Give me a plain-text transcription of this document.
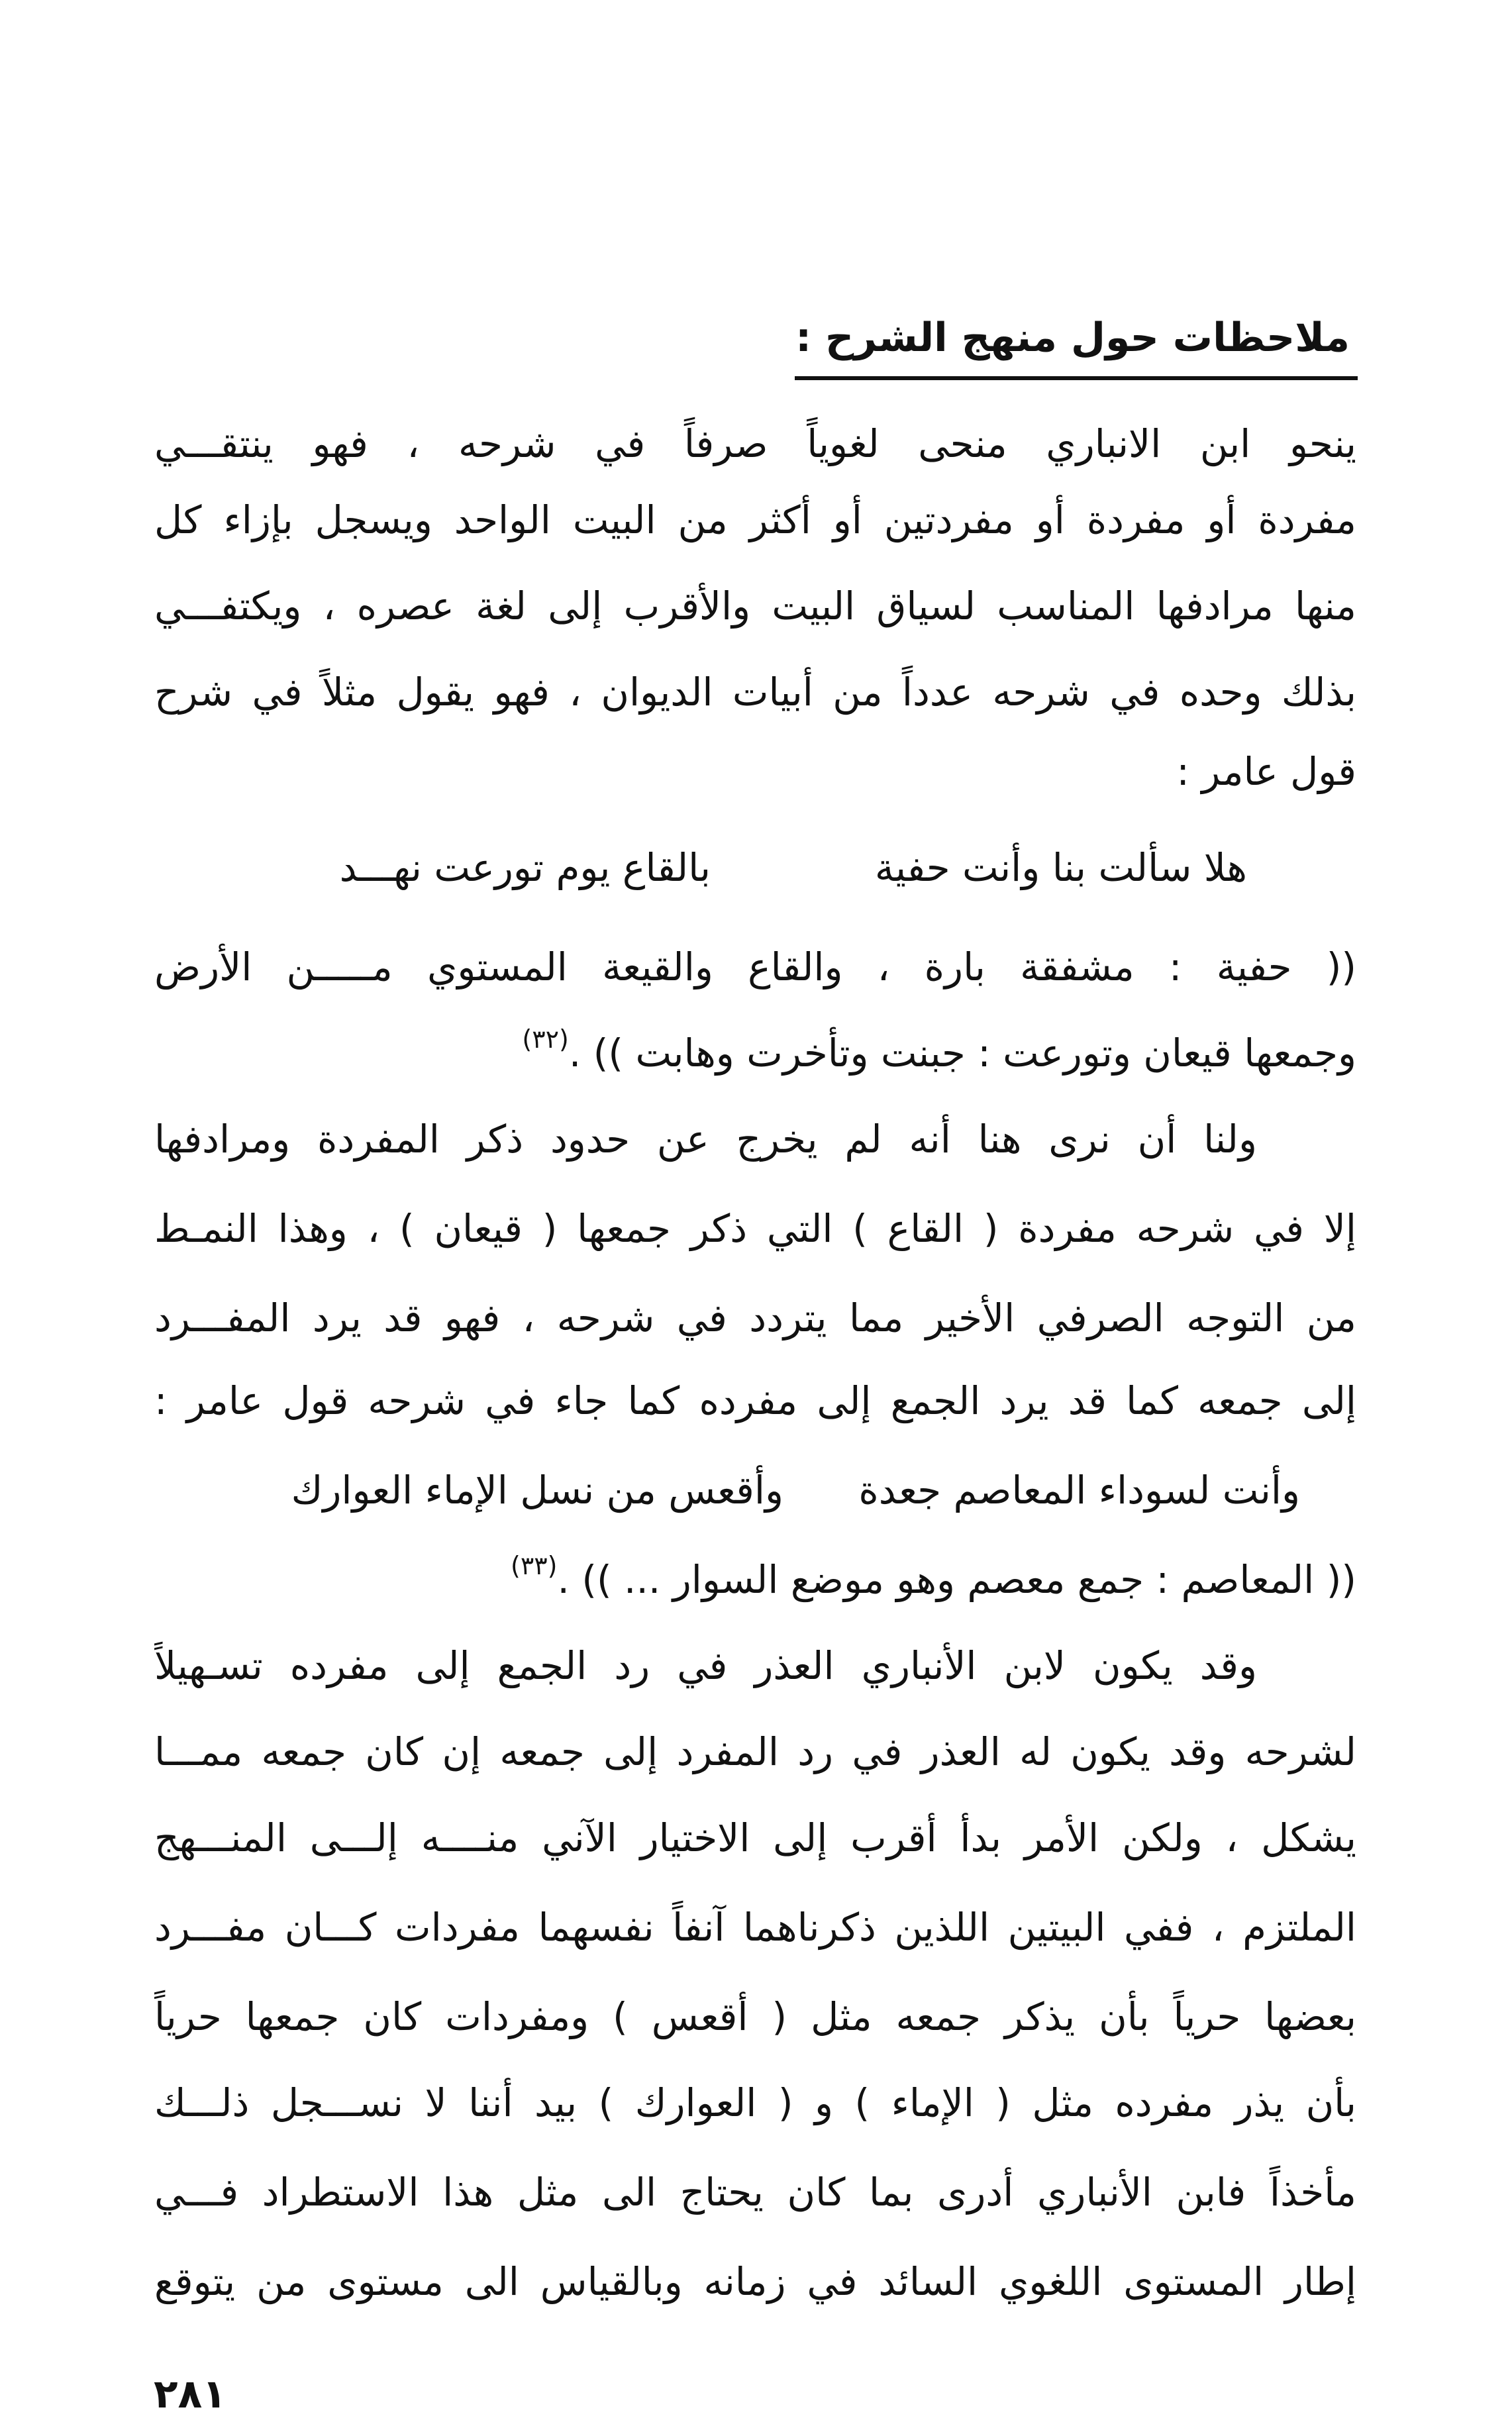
ملاحظات حول منهج الشرح :
ينحو ابن الانباري منحى لغوياً صرفاً في شرحه ، فهو ينتقـــي
مفردة أو مفردة أو مفردتين أو أكثر من البيت الواحد ويسجل بإزاء كل
منها مرادفها المناسب لسياق البيت والأقرب إلى لغة عصره ، ويكتفـــي
بذلك وحده في شرحه عدداً من أبيات الديوان ، فهو يقول مثلاً في شرح
قول عامر :
هلا سألت بنا وأنت حفية
بالقاع يوم تورعت نهـــد
(( حفية : مشفقة بارة ، والقاع والقيعة المستوي مـــــن الأرض
وجمعها قيعان وتورعت : جبنت وتأخرت وهابت )) .$^{(٣٢)}$
ولنا أن نرى هنا أنه لم يخرج عن حدود ذكر المفردة ومرادفها
إلا في شرحه مفردة ( القاع ) التي ذكر جمعها ( قيعان ) ، وهذا النمـط
من التوجه الصرفي الأخير مما يتردد في شرحه ، فهو قد يرد المفـــرد
إلى جمعه كما قد يرد الجمع إلى مفرده كما جاء في شرحه قول عامر :
وأنت لسوداء المعاصم جعدة
وأقعس من نسل الإماء العوارك
(( المعاصم : جمع معصم وهو موضع السوار ... )) .$^{(٣٣)}$
وقد يكون لابن الأنباري العذر في رد الجمع إلى مفرده تسـهيلاً
لشرحه وقد يكون له العذر في رد المفرد إلى جمعه إن كان جمعه ممـــا
يشكل ، ولكن الأمر بدأ أقرب إلى الاختيار الآني منــــه إلـــى المنـــهج
الملتزم ، ففي البيتين اللذين ذكرناهما آنفاً نفسهما مفردات كـــان مفـــرد
بعضها حرياً بأن يذكر جمعه مثل ( أقعس ) ومفردات كان جمعها حرياً
بأن يذر مفرده مثل ( الإماء ) و ( العوارك ) بيد أننا لا نســـجل ذلـــك
مأخذاً فابن الأنباري أدرى بما كان يحتاج الى مثل هذا الاستطراد فـــي
إطار المستوى اللغوي السائد في زمانه وبالقياس الى مستوى من يتوقع
٢٨١
